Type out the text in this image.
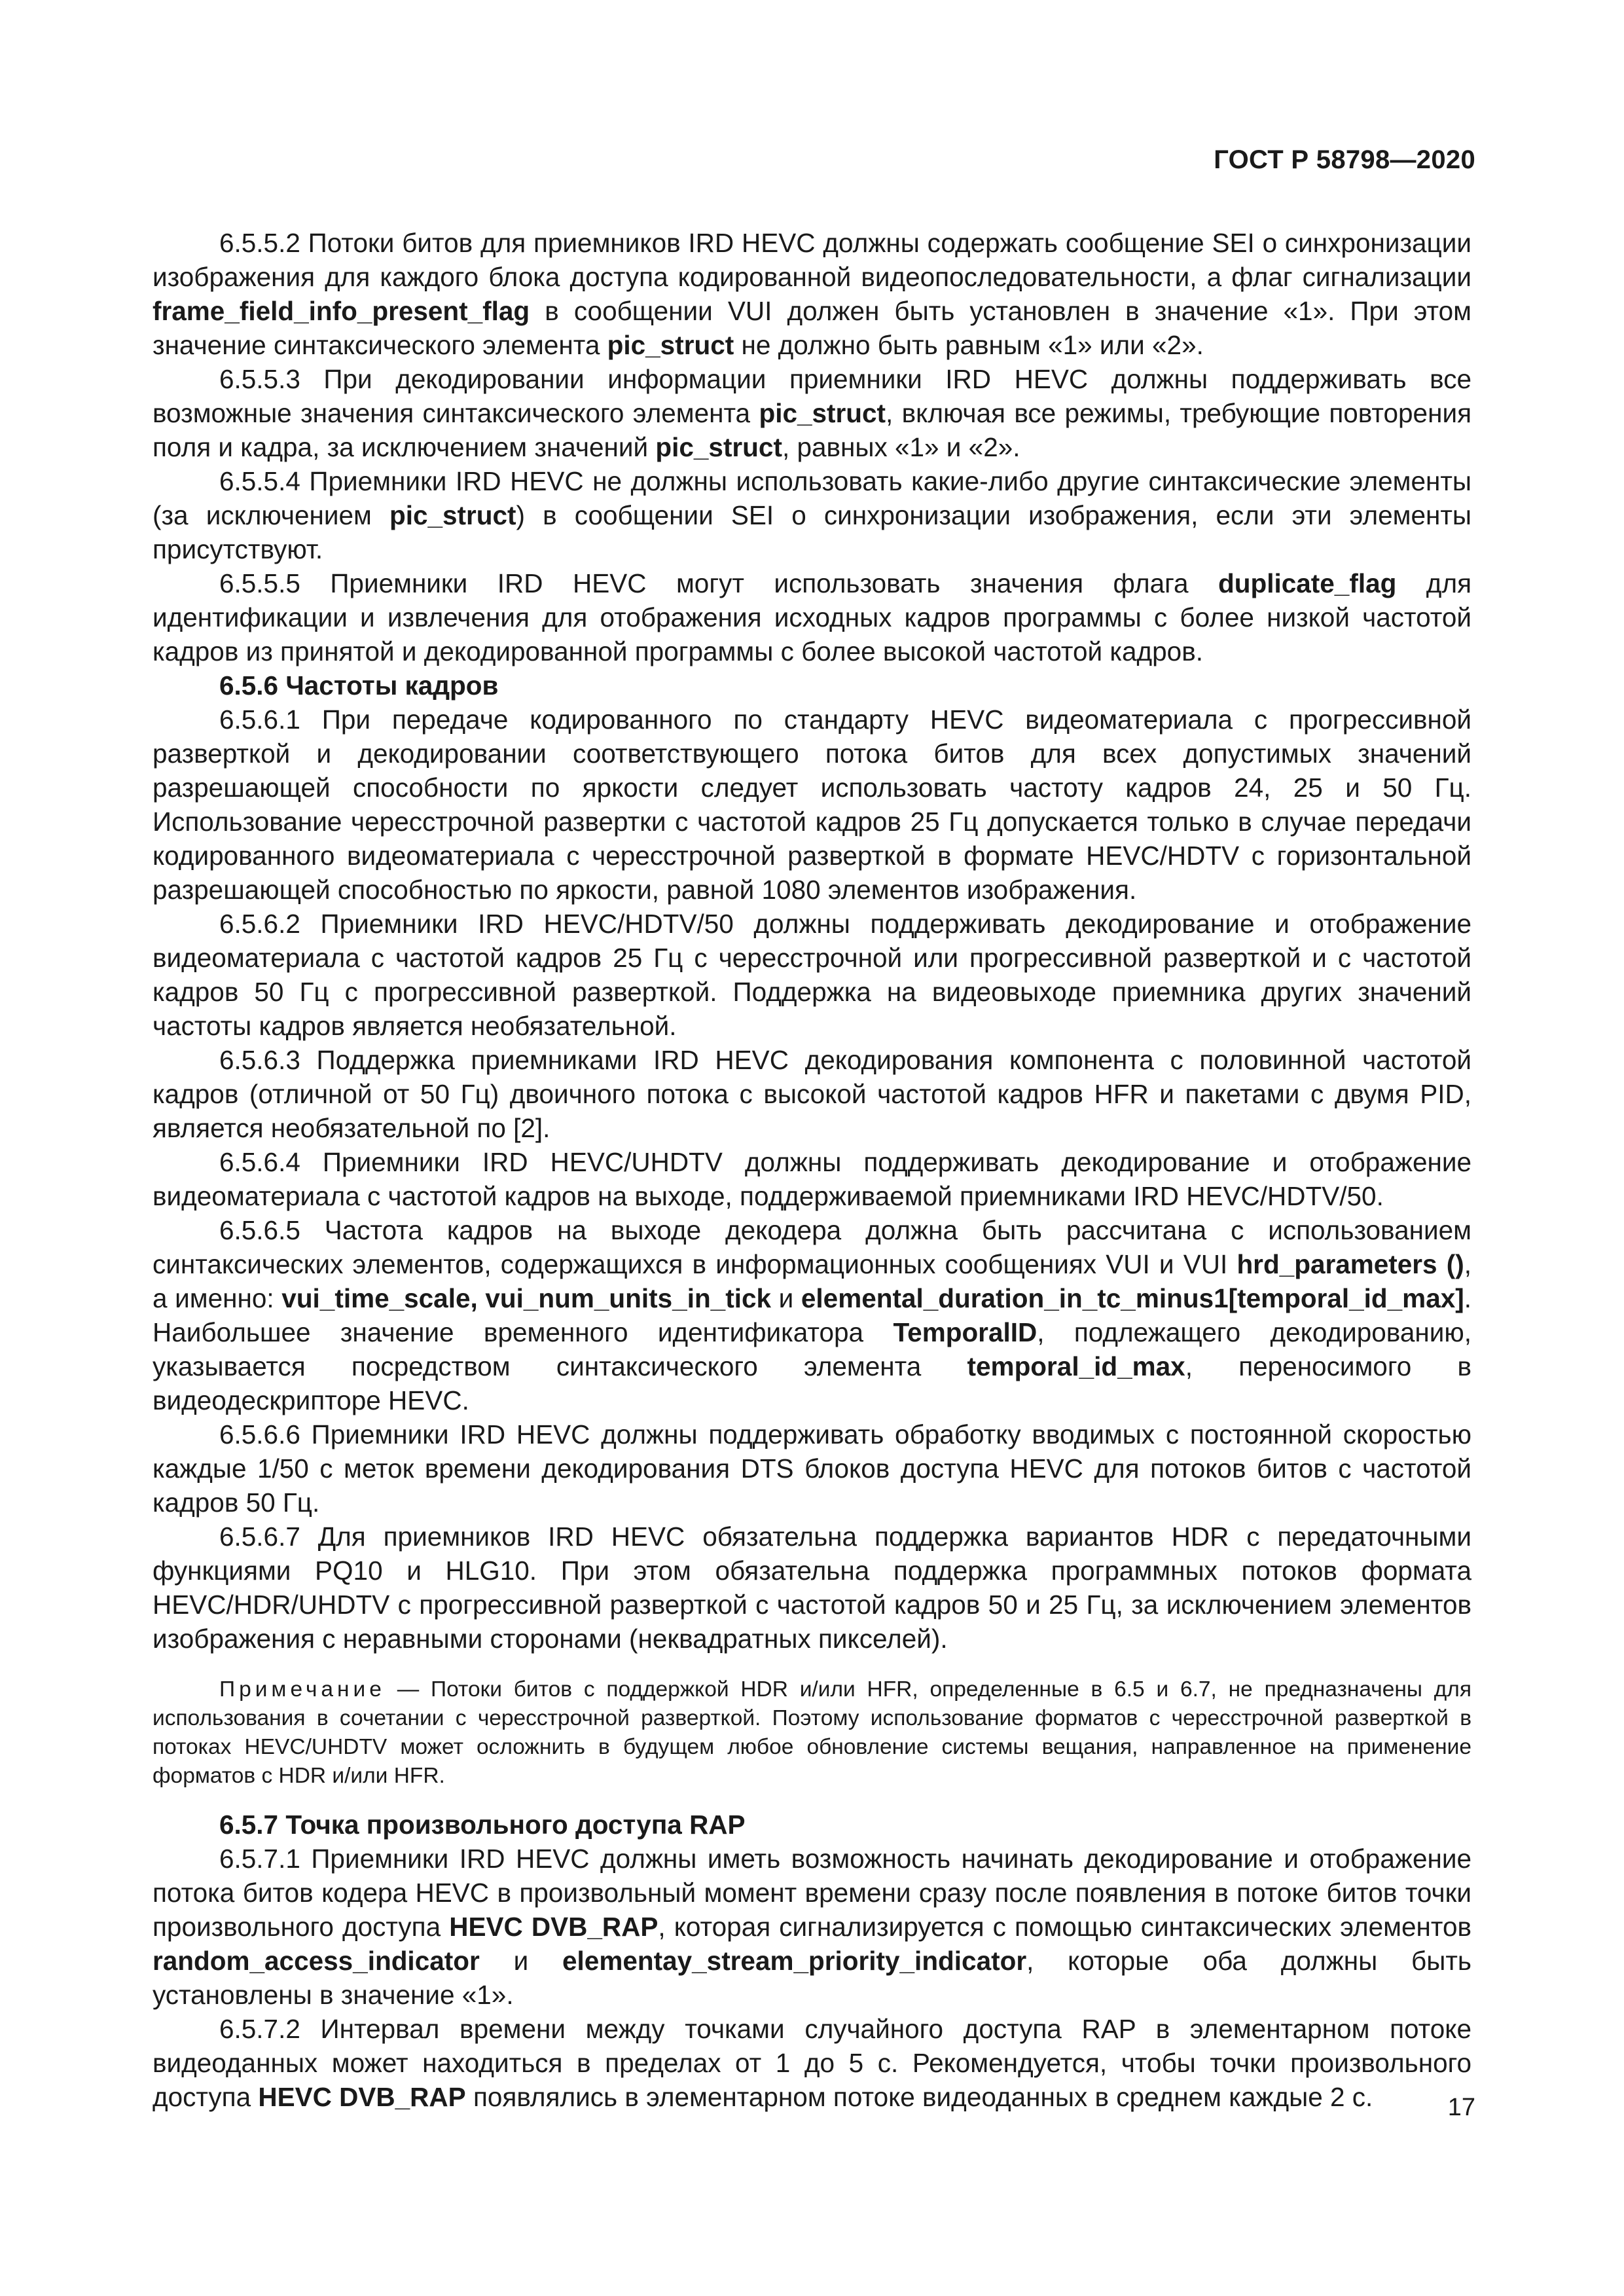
ГОСТ Р 58798—2020

6.5.5.2 Потоки битов для приемников IRD HEVC должны содержать сообщение SEI о синхронизации изображения для каждого блока доступа кодированной видеопоследовательности, а флаг сигнализации frame_field_info_present_flag в сообщении VUI должен быть установлен в значение «1». При этом значение синтаксического элемента pic_struct не должно быть равным «1» или «2».

6.5.5.3 При декодировании информации приемники IRD HEVC должны поддерживать все возможные значения синтаксического элемента pic_struct, включая все режимы, требующие повторения поля и кадра, за исключением значений pic_struct, равных «1» и «2».

6.5.5.4 Приемники IRD HEVC не должны использовать какие-либо другие синтаксические элементы (за исключением pic_struct) в сообщении SEI о синхронизации изображения, если эти элементы присутствуют.

6.5.5.5 Приемники IRD HEVC могут использовать значения флага duplicate_flag для идентификации и извлечения для отображения исходных кадров программы с более низкой частотой кадров из принятой и декодированной программы с более высокой частотой кадров.

6.5.6 Частоты кадров

6.5.6.1 При передаче кодированного по стандарту HEVC видеоматериала с прогрессивной разверткой и декодировании соответствующего потока битов для всех допустимых значений разрешающей способности по яркости следует использовать частоту кадров 24, 25 и 50 Гц. Использование чересстрочной развертки с частотой кадров 25 Гц допускается только в случае передачи кодированного видеоматериала с чересстрочной разверткой в формате HEVC/HDTV с горизонтальной разрешающей способностью по яркости, равной 1080 элементов изображения.

6.5.6.2 Приемники IRD HEVC/HDTV/50 должны поддерживать декодирование и отображение видеоматериала с частотой кадров 25 Гц с чересстрочной или прогрессивной разверткой и с частотой кадров 50 Гц с прогрессивной разверткой. Поддержка на видеовыходе приемника других значений частоты кадров является необязательной.

6.5.6.3 Поддержка приемниками IRD HEVC декодирования компонента с половинной частотой кадров (отличной от 50 Гц) двоичного потока с высокой частотой кадров HFR и пакетами с двумя PID, является необязательной по [2].

6.5.6.4 Приемники IRD HEVC/UHDTV должны поддерживать декодирование и отображение видеоматериала с частотой кадров на выходе, поддерживаемой приемниками IRD HEVC/HDTV/50.

6.5.6.5 Частота кадров на выходе декодера должна быть рассчитана с использованием синтаксических элементов, содержащихся в информационных сообщениях VUI и VUI hrd_parameters (), а именно: vui_time_scale, vui_num_units_in_tick и elemental_duration_in_tc_minus1[temporal_id_max]. Наибольшее значение временного идентификатора TemporalID, подлежащего декодированию, указывается посредством синтаксического элемента temporal_id_max, переносимого в видеодескрипторе HEVC.

6.5.6.6 Приемники IRD HEVC должны поддерживать обработку вводимых с постоянной скоростью каждые 1/50 с меток времени декодирования DTS блоков доступа HEVC для потоков битов с частотой кадров 50 Гц.

6.5.6.7 Для приемников IRD HEVC обязательна поддержка вариантов HDR с передаточными функциями PQ10 и HLG10. При этом обязательна поддержка программных потоков формата HEVC/HDR/UHDTV с прогрессивной разверткой с частотой кадров 50 и 25 Гц, за исключением элементов изображения с неравными сторонами (неквадратных пикселей).

Примечание — Потоки битов с поддержкой HDR и/или HFR, определенные в 6.5 и 6.7, не предназначены для использования в сочетании с чересстрочной разверткой. Поэтому использование форматов с чересстрочной разверткой в потоках HEVC/UHDTV может осложнить в будущем любое обновление системы вещания, направленное на применение форматов с HDR и/или HFR.

6.5.7 Точка произвольного доступа RAP

6.5.7.1 Приемники IRD HEVC должны иметь возможность начинать декодирование и отображение потока битов кодера HEVC в произвольный момент времени сразу после появления в потоке битов точки произвольного доступа HEVC DVB_RAP, которая сигнализируется с помощью синтаксических элементов random_access_indicator и elementay_stream_priority_indicator, которые оба должны быть установлены в значение «1».

6.5.7.2 Интервал времени между точками случайного доступа RAP в элементарном потоке видеоданных может находиться в пределах от 1 до 5 с. Рекомендуется, чтобы точки произвольного доступа HEVC DVB_RAP появлялись в элементарном потоке видеоданных в среднем каждые 2 с.	17
